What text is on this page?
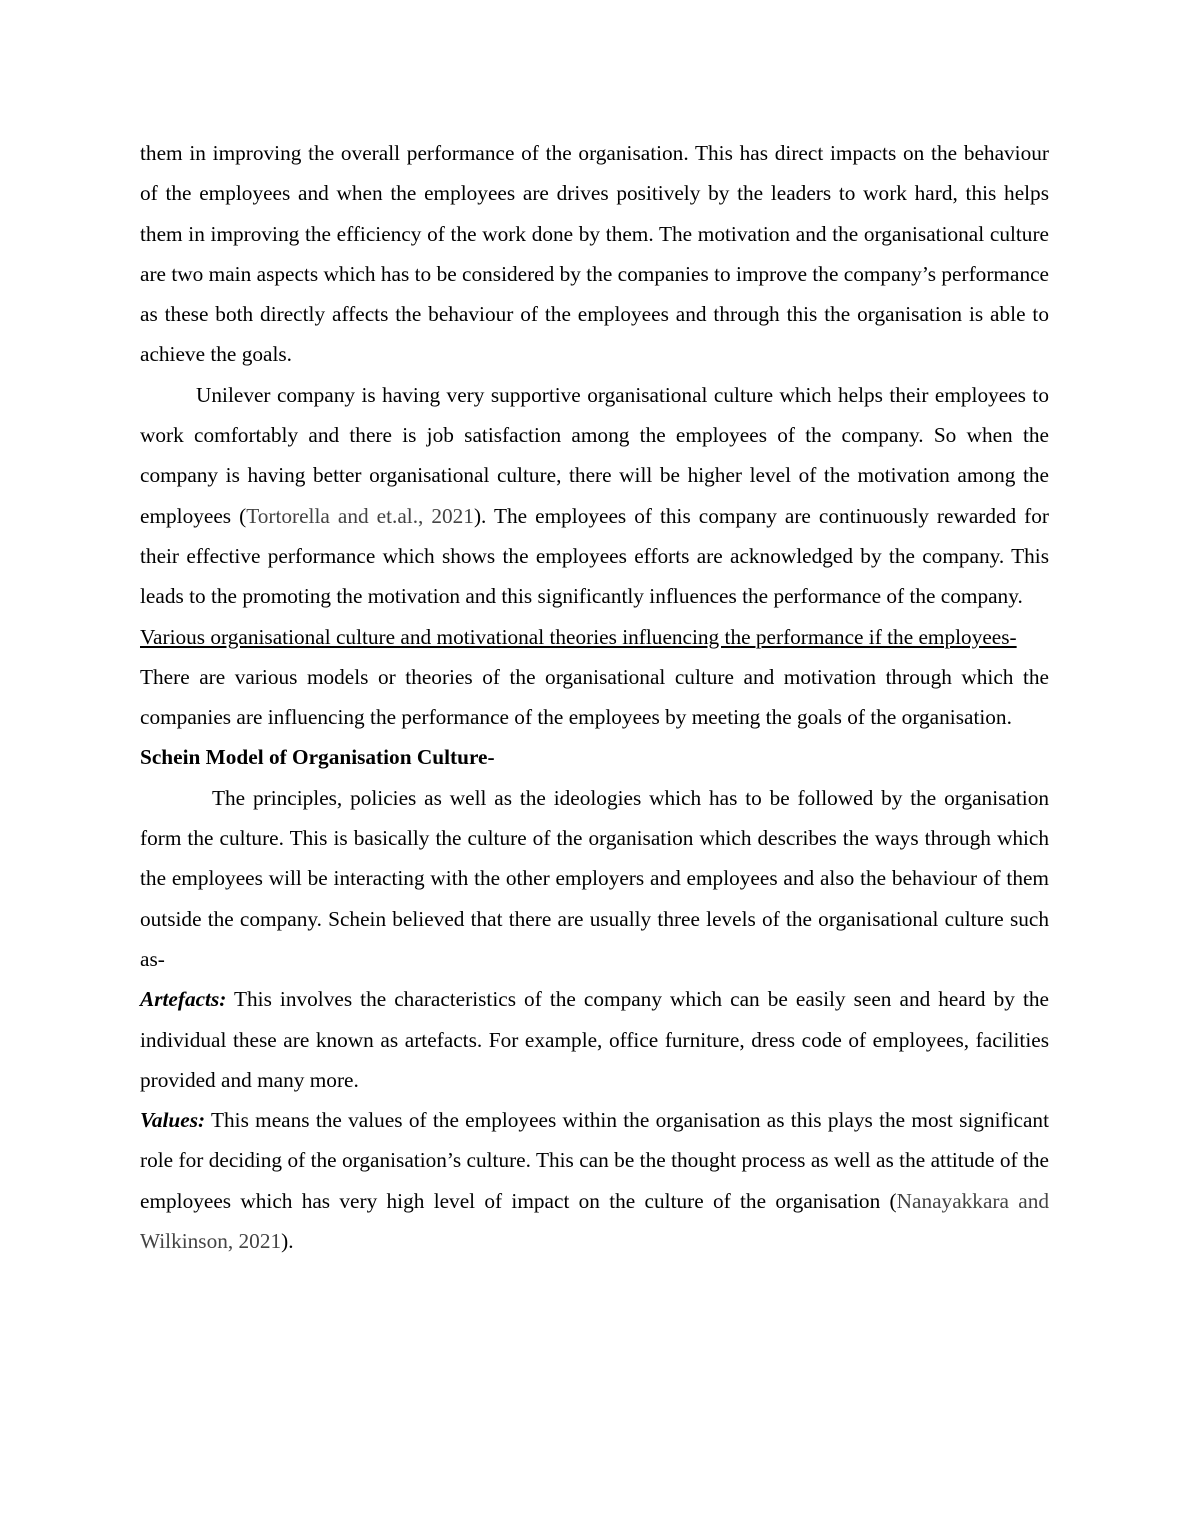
them in improving the overall performance of the organisation. This has direct impacts on the behaviour of the employees and when the employees are drives positively by the leaders to work hard, this helps them in improving the efficiency of the work done by them. The motivation and the organisational culture are two main aspects which has to be considered by the companies to improve the company’s performance as these both directly affects the behaviour of the employees and through this the organisation is able to achieve the goals.

Unilever company is having very supportive organisational culture which helps their employees to work comfortably and there is job satisfaction among the employees of the company. So when the company is having better organisational culture, there will be higher level of the motivation among the employees (Tortorella and et.al., 2021). The employees of this company are continuously rewarded for their effective performance which shows the employees efforts are acknowledged by the company. This leads to the promoting the motivation and this significantly influences the performance of the company.

Various organisational culture and motivational theories influencing the performance if the employees-

There are various models or theories of the organisational culture and motivation through which the companies are influencing the performance of the employees by meeting the goals of the organisation.

Schein Model of Organisation Culture-

The principles, policies as well as the ideologies which has to be followed by the organisation form the culture. This is basically the culture of the organisation which describes the ways through which the employees will be interacting with the other employers and employees and also the behaviour of them outside the company. Schein believed that there are usually three levels of the organisational culture such as-

Artefacts: This involves the characteristics of the company which can be easily seen and heard by the individual these are known as artefacts. For example, office furniture, dress code of employees, facilities provided and many more.

Values: This means the values of the employees within the organisation as this plays the most significant role for deciding of the organisation’s culture. This can be the thought process as well as the attitude of the employees which has very high level of impact on the culture of the organisation (Nanayakkara and Wilkinson, 2021).
